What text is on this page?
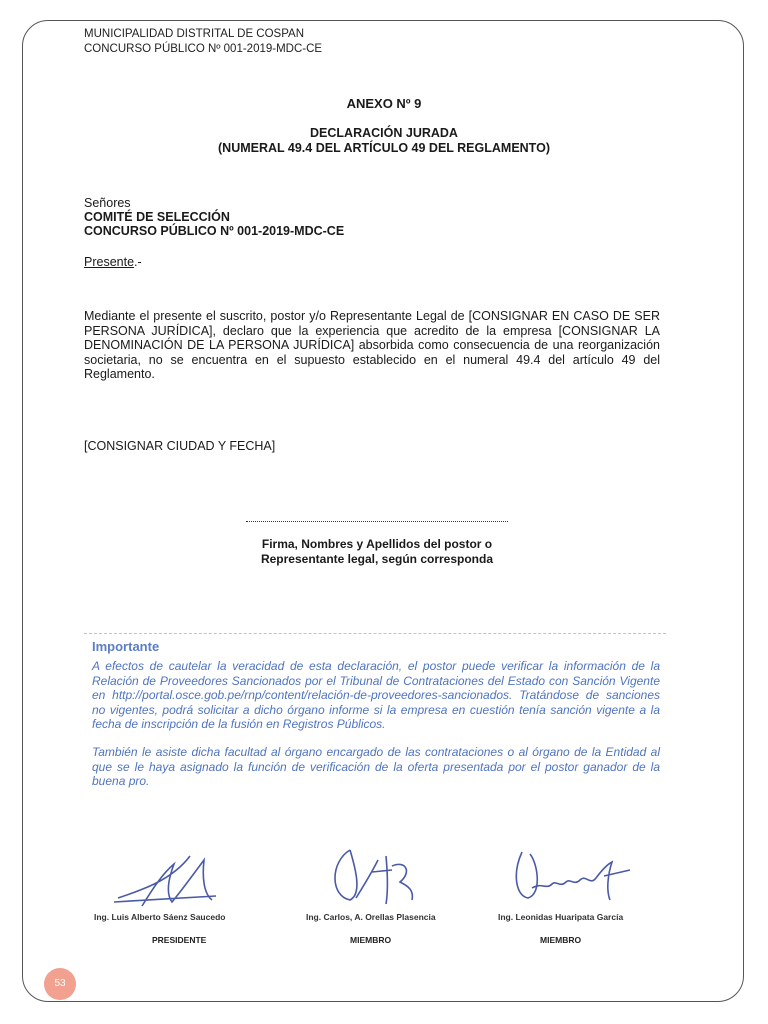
MUNICIPALIDAD DISTRITAL DE COSPAN
CONCURSO PÚBLICO Nº 001-2019-MDC-CE
ANEXO Nº 9
DECLARACIÓN JURADA
(NUMERAL 49.4 DEL ARTÍCULO 49 DEL REGLAMENTO)
Señores
COMITÉ DE SELECCIÓN
CONCURSO PÚBLICO Nº 001-2019-MDC-CE
Presente.-
Mediante el presente el suscrito, postor y/o Representante Legal de [CONSIGNAR EN CASO DE SER PERSONA JURÍDICA], declaro que la experiencia que acredito de la empresa [CONSIGNAR LA DENOMINACIÓN DE LA PERSONA JURÍDICA] absorbida como consecuencia de una reorganización societaria, no se encuentra en el supuesto establecido en el numeral 49.4 del artículo 49 del Reglamento.
[CONSIGNAR CIUDAD Y FECHA]
Firma, Nombres y Apellidos del postor o
Representante legal, según corresponda
Importante
A efectos de cautelar la veracidad de esta declaración, el postor puede verificar la información de la Relación de Proveedores Sancionados por el Tribunal de Contrataciones del Estado con Sanción Vigente en http://portal.osce.gob.pe/rnp/content/relación-de-proveedores-sancionados. Tratándose de sanciones no vigentes, podrá solicitar a dicho órgano informe si la empresa en cuestión tenía sanción vigente a la fecha de inscripción de la fusión en Registros Públicos.
También le asiste dicha facultad al órgano encargado de las contrataciones o al órgano de la Entidad al que se le haya asignado la función de verificación de la oferta presentada por el postor ganador de la buena pro.
Ing. Luis Alberto Sáenz Saucedo
PRESIDENTE
Ing. Carlos, A. Orellas Plasencia
MIEMBRO
Ing. Leonidas Huaripata García
MIEMBRO
53
